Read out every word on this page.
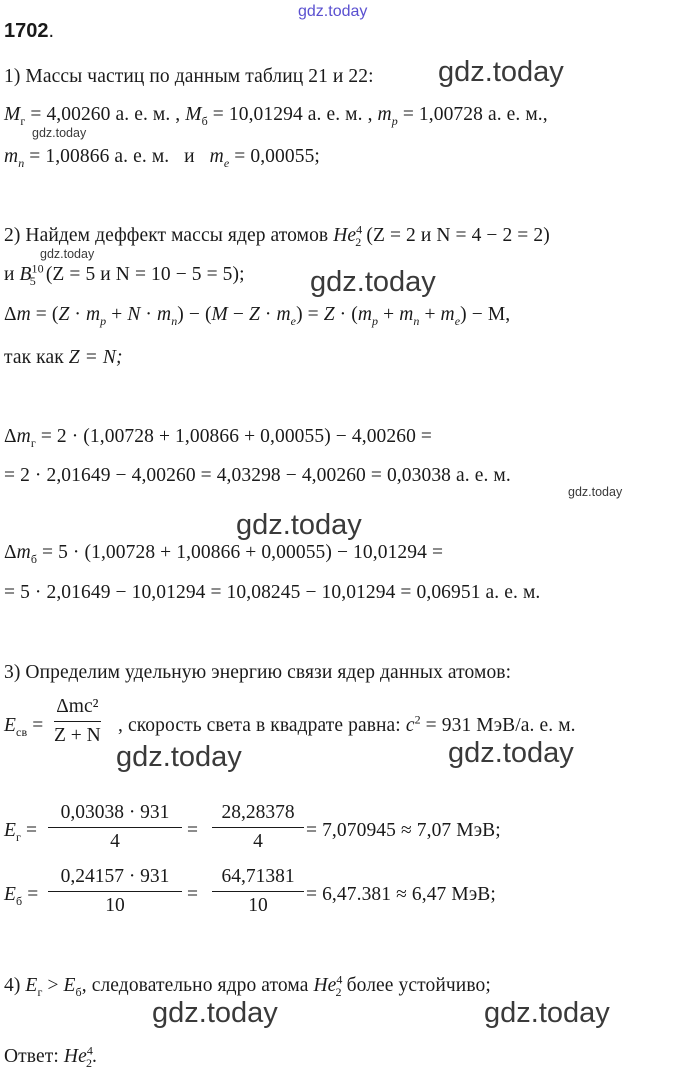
gdz.today
1702.
1) Массы частиц по данным таблиц 21 и 22: gdz.today
$M_г = 4,00260$ а. е. м. , $M_б = 10,01294$ а. е. м. , $m_p = 1,00728$ а. е. м.,
gdz.today
$m_n = 1,00866$ а. е. м. и $m_e = 0,00055$;
2) Найдем деффект массы ядер атомов $He^4_2$ (Z = 2 и N = 4 − 2 = 2)
gdz.today
и $B^{10}_5$ (Z = 5 и N = 10 − 5 = 5); gdz.today
$\Delta m = (Z \cdot m_p + N \cdot m_n) - (M - Z \cdot m_e) = Z \cdot (m_p + m_n + m_e) - M$,
так как Z = N;
$\Delta m_г = 2 \cdot (1,00728 + 1,00866 + 0,00055) - 4,00260$ =
= 2 · 2,01649 − 4,00260 = 4,03298 − 4,00260 = 0,03038 а. е. м.
gdz.today
gdz.today
$\Delta m_б = 5 \cdot (1,00728 + 1,00866 + 0,00055) - 10,01294$ =
= 5 · 2,01649 − 10,01294 = 10,08245 − 10,01294 = 0,06951 а. е. м.
3) Определим удельную энергию связи ядер данных атомов:
$E_{св}$ =
Δmc²
Z + N , скорость света в квадрате равна: $c^2 = 931$ МэВ/а. е. м.
gdz.today	gdz.today
$E_г$ =
0,03038 · 931
4
=
28,28378
4
= 7,070945 ≈ 7,07 МэВ;
$E_б$ =
0,24157 · 931
10
=
64,71381
10
= 6,47.381 ≈ 6,47 МэВ;
4) $E_г > E_б$, следовательно ядро атома $He^4_2$ более устойчиво;
gdz.today	gdz.today
Ответ: $He^4_2$.
